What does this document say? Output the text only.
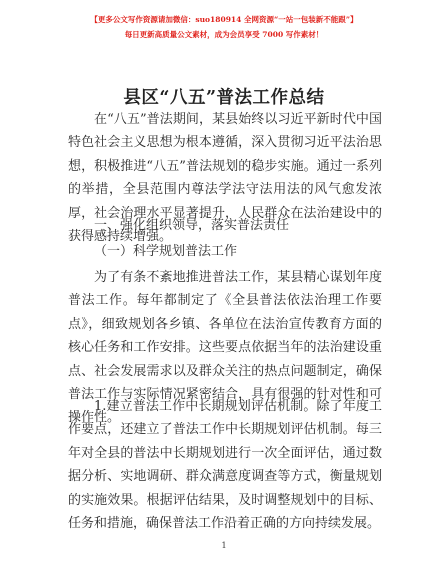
【更多公文写作资源请加微信：suo180914 全网资源“一站一包装新不能跟”】
每日更新高质量公文素材，成为会员享受 7000 写作素材！
县区“八五”普法工作总结

在“八五”普法期间，某县始终以习近平新时代中国特色社会主义思想为根本遵循，深入贯彻习近平法治思想，积极推进“八五”普法规划的稳步实施。通过一系列的举措，全县范围内尊法学法守法用法的风气愈发浓厚，社会治理水平显著提升，人民群众在法治建设中的获得感持续增强。

一、强化组织领导，落实普法责任

（一）科学规划普法工作

为了有条不紊地推进普法工作，某县精心谋划年度普法工作。每年都制定了《全县普法依法治理工作要点》，细致规划各乡镇、各单位在法治宣传教育方面的核心任务和工作安排。这些要点依据当年的法治建设重点、社会发展需求以及群众关注的热点问题制定，确保普法工作与实际情况紧密结合，具有很强的针对性和可操作性。

1.建立普法工作中长期规划评估机制。除了年度工作要点，还建立了普法工作中长期规划评估机制。每三年对全县的普法中长期规划进行一次全面评估，通过数据分析、实地调研、群众满意度调查等方式，衡量规划的实施效果。根据评估结果，及时调整规划中的目标、任务和措施，确保普法工作沿着正确的方向持续发展。

1
